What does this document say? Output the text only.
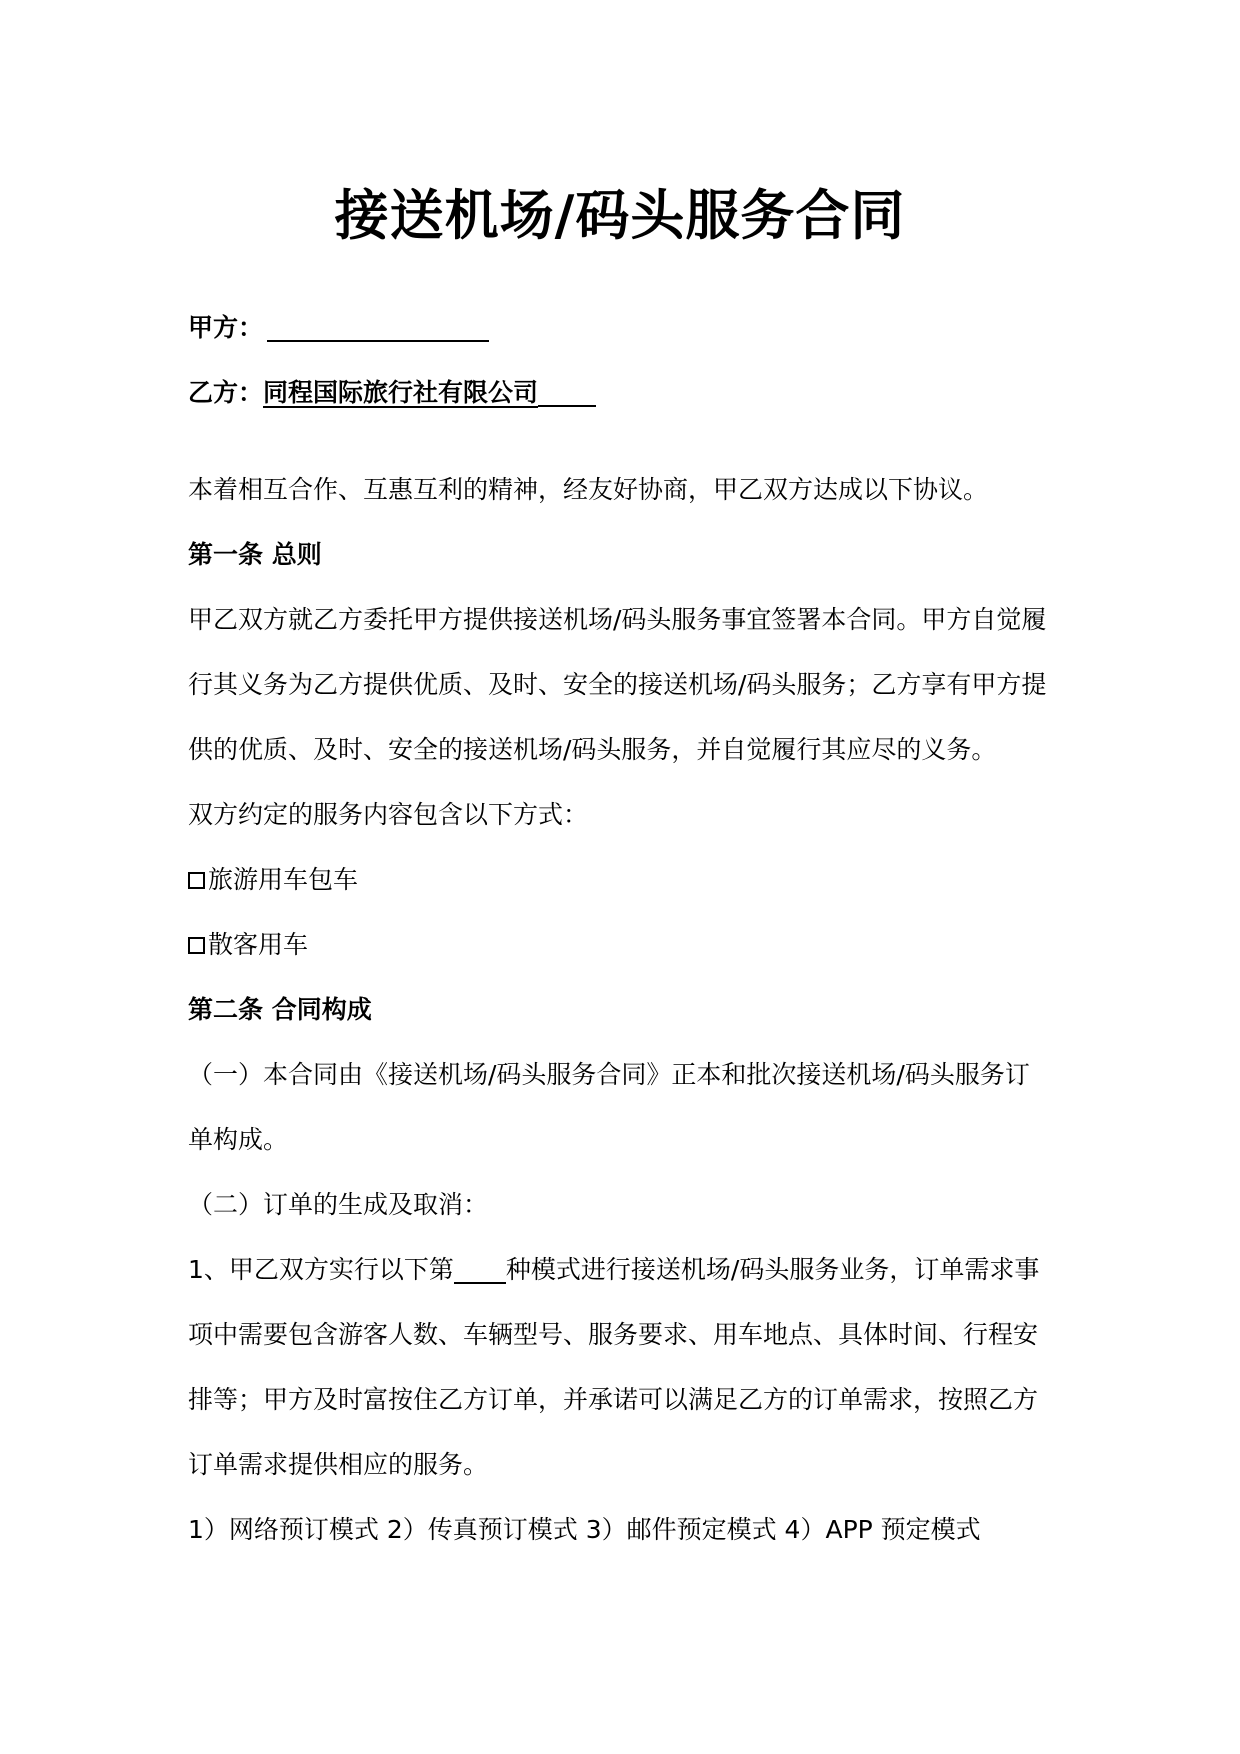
接送机场/码头服务合同
甲方：
乙方：同程国际旅行社有限公司
本着相互合作、互惠互利的精神，经友好协商，甲乙双方达成以下协议。
第一条 总则
甲乙双方就乙方委托甲方提供接送机场/码头服务事宜签署本合同。甲方自觉履
行其义务为乙方提供优质、及时、安全的接送机场/码头服务；乙方享有甲方提
供的优质、及时、安全的接送机场/码头服务，并自觉履行其应尽的义务。
双方约定的服务内容包含以下方式：
旅游用车包车
散客用车
第二条 合同构成
（一）本合同由《接送机场/码头服务合同》正本和批次接送机场/码头服务订
单构成。
（二）订单的生成及取消：
1、甲乙双方实行以下第 种模式进行接送机场/码头服务业务，订单需求事
项中需要包含游客人数、车辆型号、服务要求、用车地点、具体时间、行程安
排等；甲方及时富按住乙方订单，并承诺可以满足乙方的订单需求，按照乙方
订单需求提供相应的服务。
1）网络预订模式 2）传真预订模式 3）邮件预定模式 4）APP 预定模式
